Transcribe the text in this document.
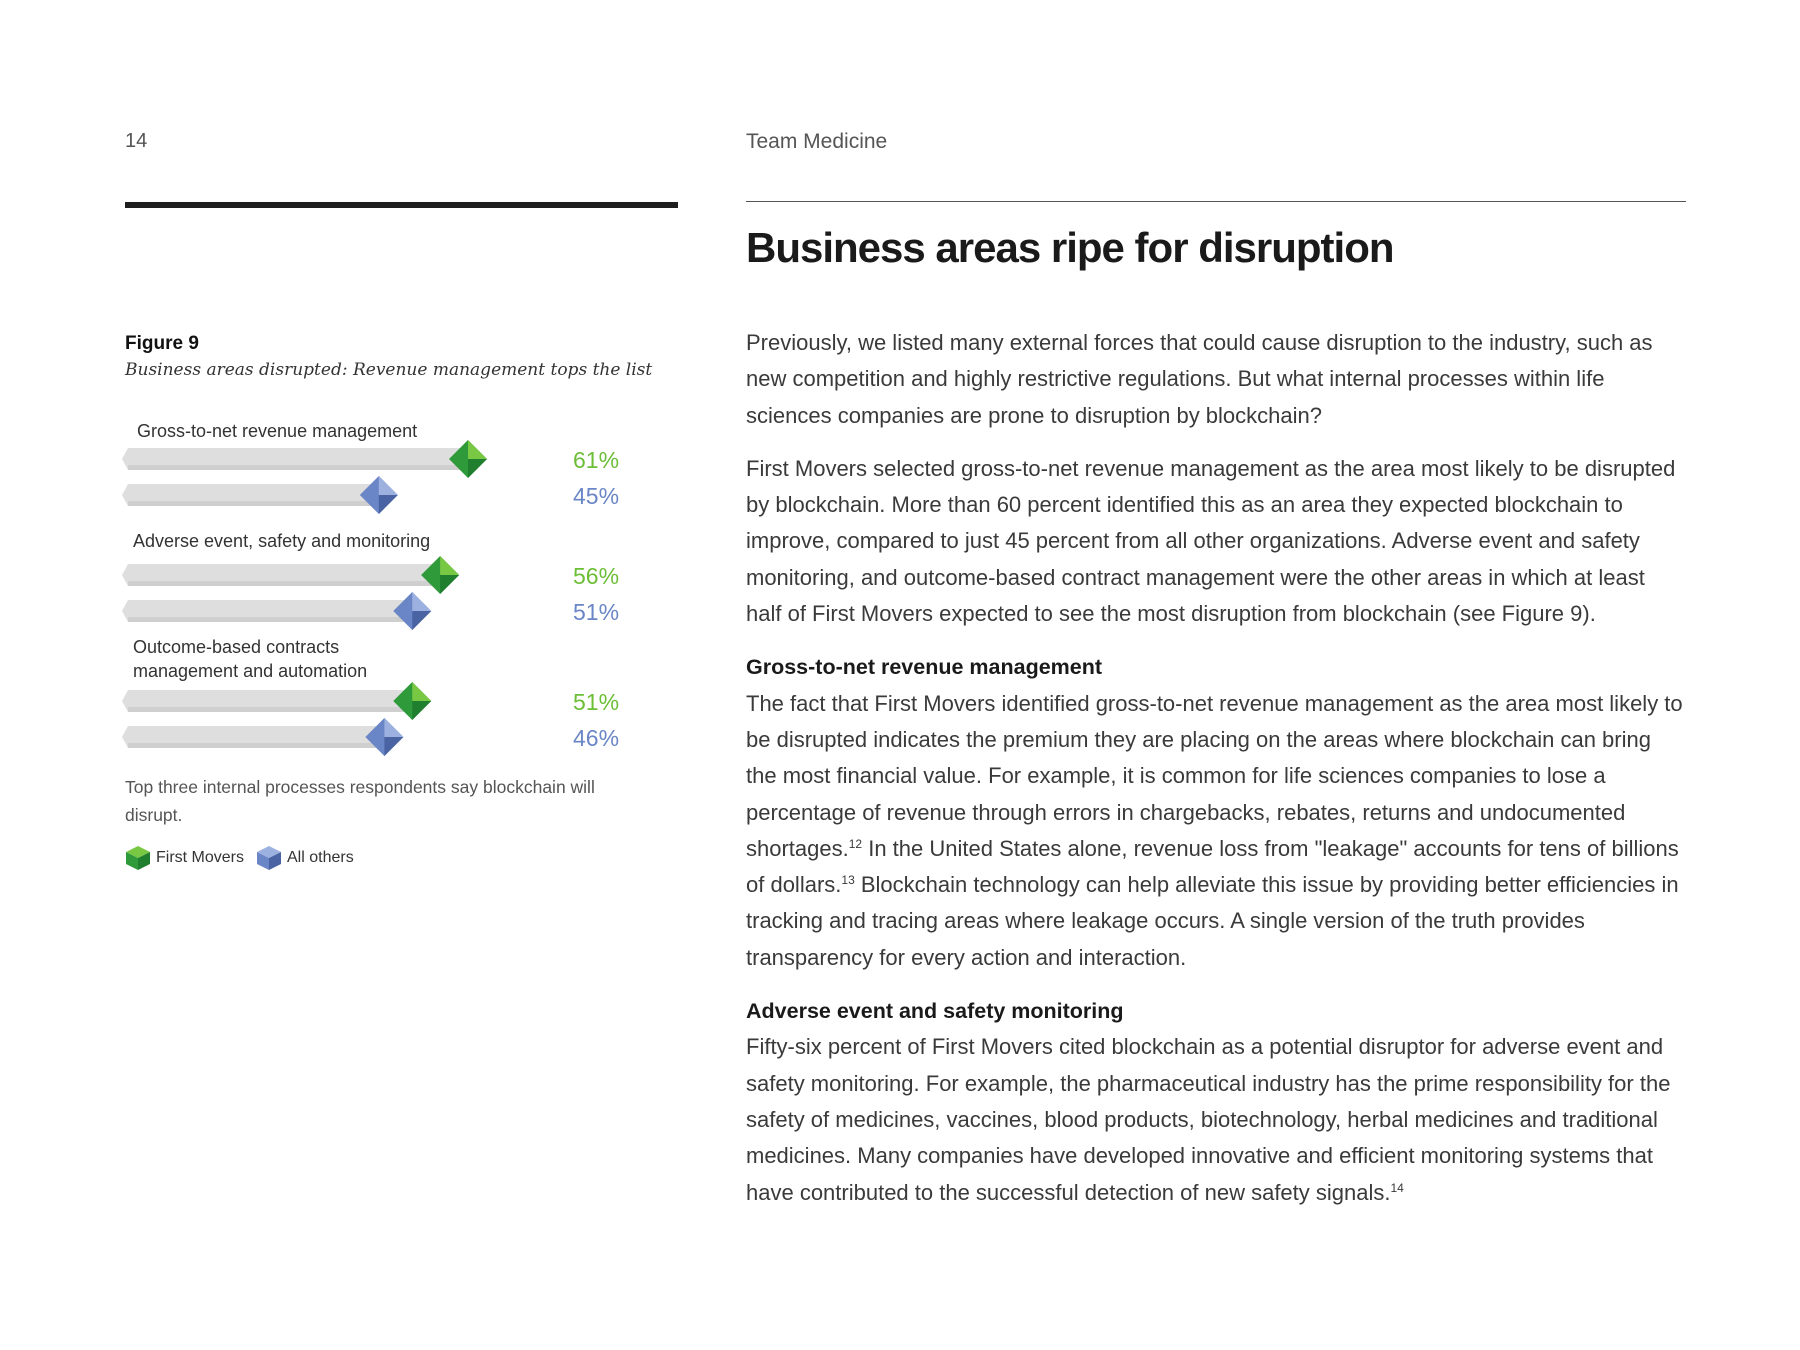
14	Team Medicine
Business areas ripe for disruption
Figure 9
Business areas disrupted: Revenue management tops the list
Gross-to-net revenue management
Adverse event, safety and monitoring
Outcome-based contracts management and automation
61%
45%
56%
51%
51%
46%
Top three internal processes respondents say blockchain will disrupt.
First Movers	All others

Previously, we listed many external forces that could cause disruption to the industry, such as new competition and highly restrictive regulations. But what internal processes within life sciences companies are prone to disruption by blockchain?

First Movers selected gross-to-net revenue management as the area most likely to be disrupted by blockchain. More than 60 percent identified this as an area they expected blockchain to improve, compared to just 45 percent from all other organizations. Adverse event and safety monitoring, and outcome-based contract management were the other areas in which at least half of First Movers expected to see the most disruption from blockchain (see Figure 9).

Gross-to-net revenue management

The fact that First Movers identified gross-to-net revenue management as the area most likely to be disrupted indicates the premium they are placing on the areas where blockchain can bring the most financial value. For example, it is common for life sciences companies to lose a percentage of revenue through errors in chargebacks, rebates, returns and undocumented shortages.$^{12}$ In the United States alone, revenue loss from "leakage" accounts for tens of billions of dollars.$^{13}$ Blockchain technology can help alleviate this issue by providing better efficiencies in tracking and tracing areas where leakage occurs. A single version of the truth provides transparency for every action and interaction.

Adverse event and safety monitoring

Fifty-six percent of First Movers cited blockchain as a potential disruptor for adverse event and safety monitoring. For example, the pharmaceutical industry has the prime responsibility for the safety of medicines, vaccines, blood products, biotechnology, herbal medicines and traditional medicines. Many companies have developed innovative and efficient monitoring systems that have contributed to the successful detection of new safety signals.$^{14}$
